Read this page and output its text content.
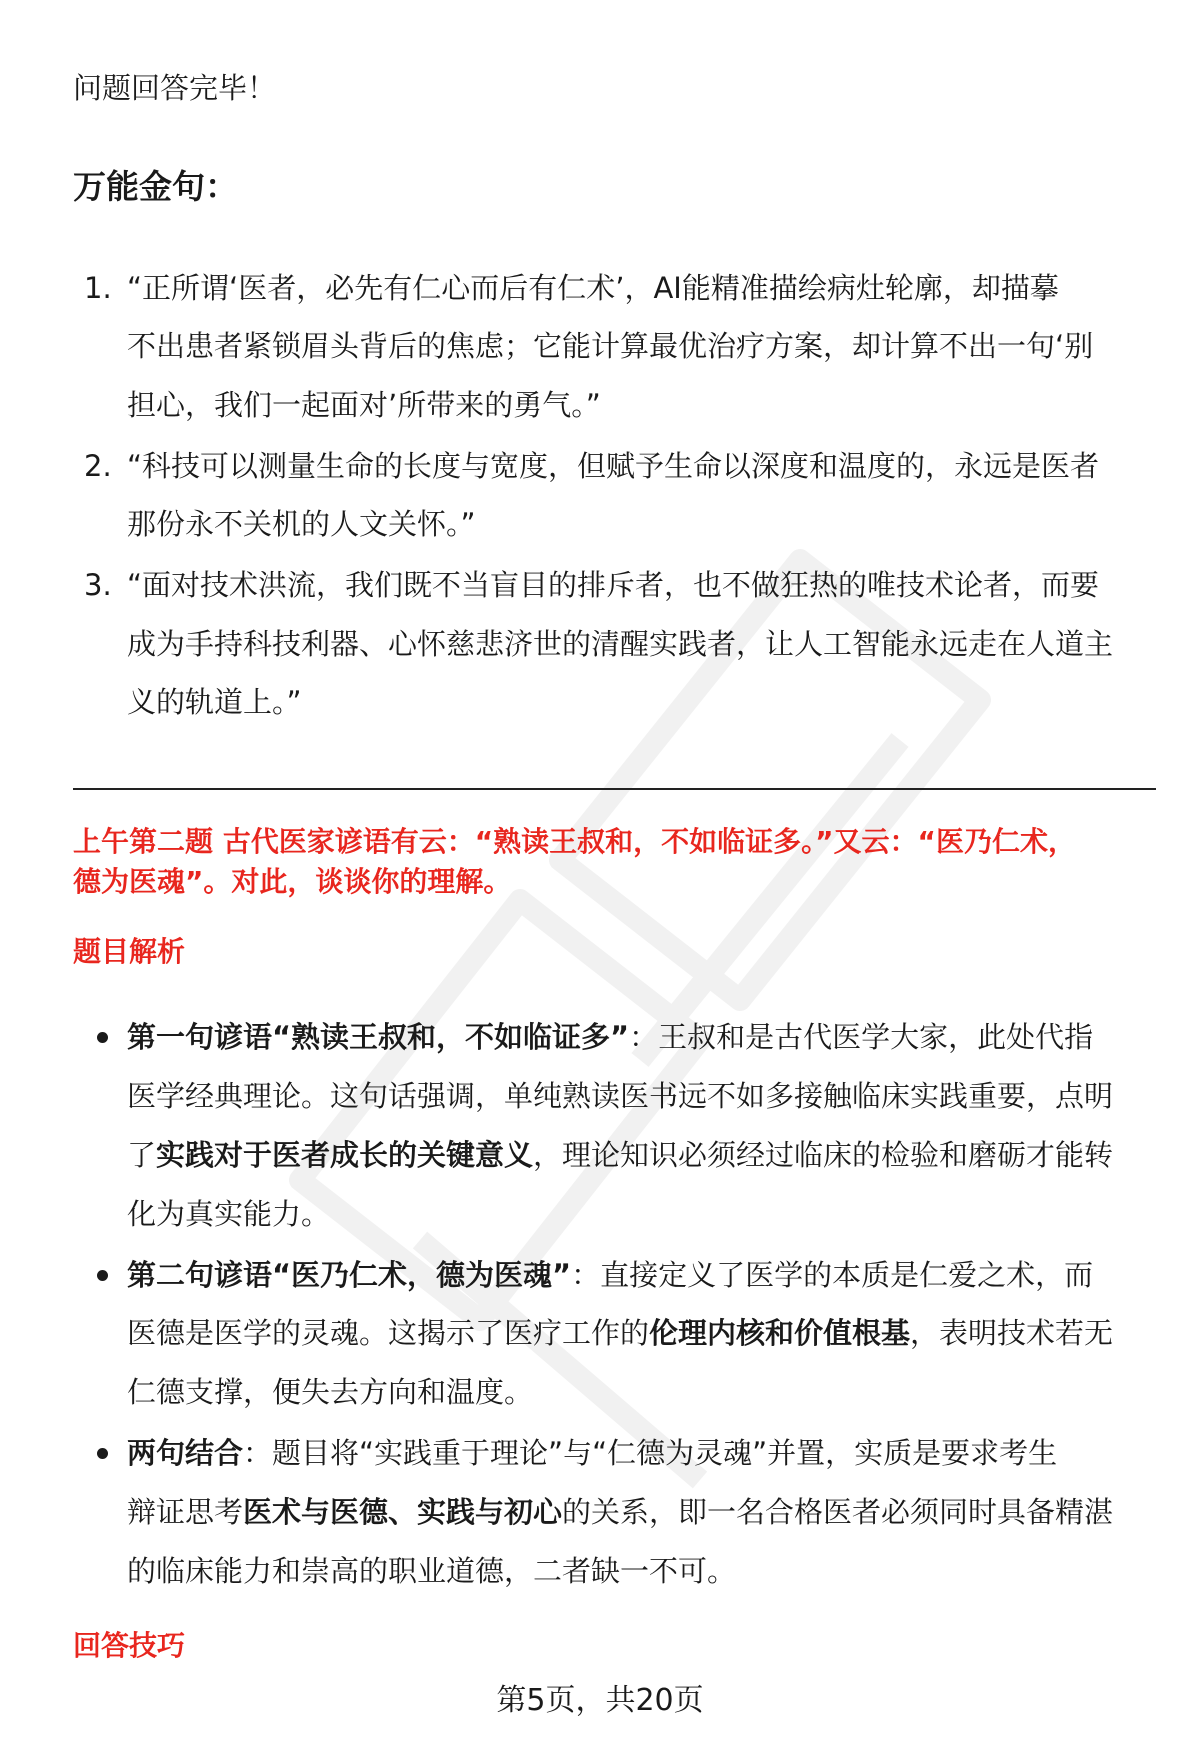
问题回答完毕！
万能金句：
1. “正所谓‘医者，必先有仁心而后有仁术’，AI能精准描绘病灶轮廓，却描摹
不出患者紧锁眉头背后的焦虑；它能计算最优治疗方案，却计算不出一句‘别
担心，我们一起面对’所带来的勇气。”
2. “科技可以测量生命的长度与宽度，但赋予生命以深度和温度的，永远是医者
那份永不关机的人文关怀。”
3. “面对技术洪流，我们既不当盲目的排斥者，也不做狂热的唯技术论者，而要
成为手持科技利器、心怀慈悲济世的清醒实践者，让人工智能永远走在人道主
义的轨道上。”
上午第二题 古代医家谚语有云：“熟读王叔和，不如临证多。”又云：“医乃仁术，
德为医魂”。对此，谈谈你的理解。
题目解析
第一句谚语“熟读王叔和，不如临证多”：王叔和是古代医学大家，此处代指
医学经典理论。这句话强调，单纯熟读医书远不如多接触临床实践重要，点明
了实践对于医者成长的关键意义，理论知识必须经过临床的检验和磨砺才能转
化为真实能力。
第二句谚语“医乃仁术，德为医魂”：直接定义了医学的本质是仁爱之术，而
医德是医学的灵魂。这揭示了医疗工作的伦理内核和价值根基，表明技术若无
仁德支撑，便失去方向和温度。
两句结合：题目将“实践重于理论”与“仁德为灵魂”并置，实质是要求考生
辩证思考医术与医德、实践与初心的关系，即一名合格医者必须同时具备精湛
的临床能力和崇高的职业道德，二者缺一不可。
回答技巧
第5页，共20页
